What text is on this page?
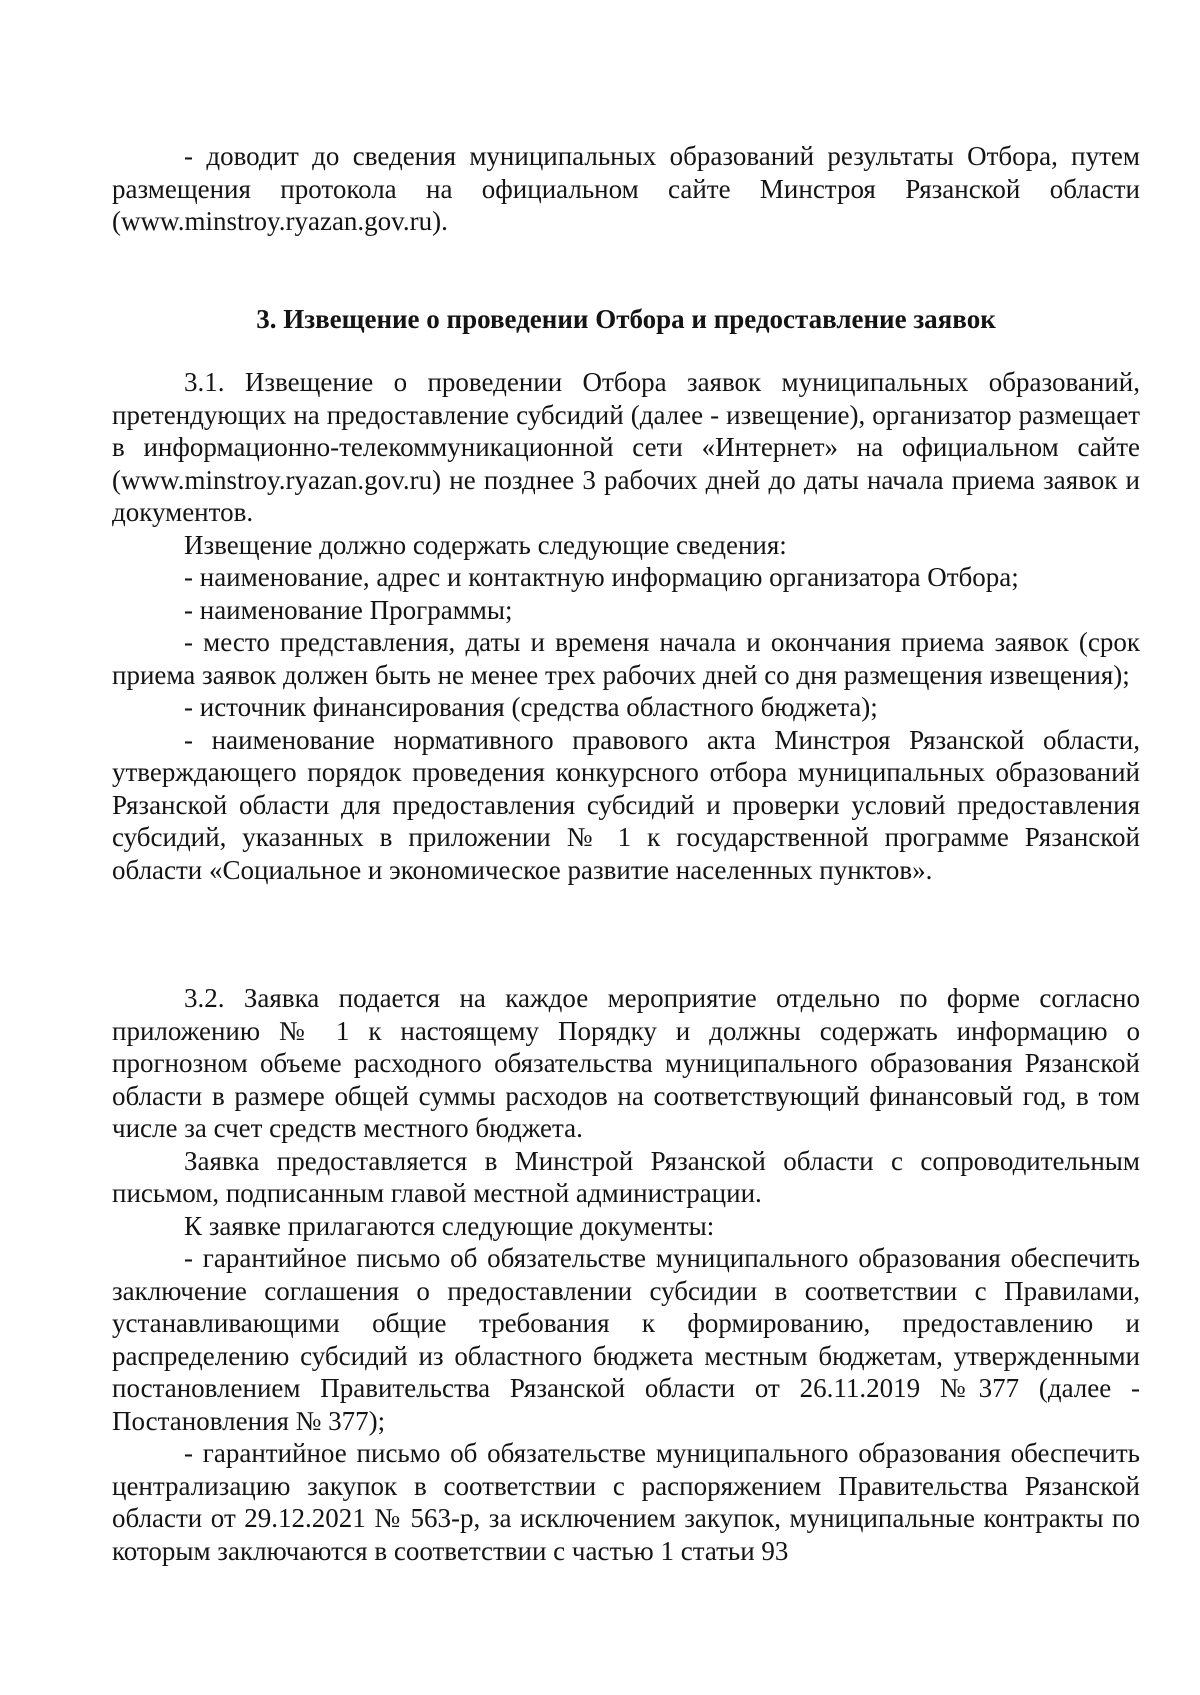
- доводит до сведения муниципальных образований результаты Отбора, путем размещения протокола на официальном сайте Минстроя Рязанской области (www.minstroy.ryazan.gov.ru).

3. Извещение о проведении Отбора и предоставление заявок

3.1. Извещение о проведении Отбора заявок муниципальных образований, претендующих на предоставление субсидий (далее - извещение), организатор размещает в информационно-телекоммуникационной сети «Интернет» на официальном сайте (www.minstroy.ryazan.gov.ru) не позднее 3 рабочих дней до даты начала приема заявок и документов.

Извещение должно содержать следующие сведения:

- наименование, адрес и контактную информацию организатора Отбора;

- наименование Программы;

- место представления, даты и временя начала и окончания приема заявок (срок приема заявок должен быть не менее трех рабочих дней со дня размещения извещения);

- источник финансирования (средства областного бюджета);

- наименование нормативного правового акта Минстроя Рязанской области, утверждающего порядок проведения конкурсного отбора муниципальных образований Рязанской области для предоставления субсидий и проверки условий предоставления субсидий, указанных в приложении № 1 к государственной программе Рязанской области «Социальное и экономическое развитие населенных пунктов».

3.2. Заявка подается на каждое мероприятие отдельно по форме согласно приложению № 1 к настоящему Порядку и должны содержать информацию о прогнозном объеме расходного обязательства муниципального образования Рязанской области в размере общей суммы расходов на соответствующий финансовый год, в том числе за счет средств местного бюджета.

Заявка предоставляется в Минстрой Рязанской области с сопроводительным письмом, подписанным главой местной администрации.

К заявке прилагаются следующие документы:

- гарантийное письмо об обязательстве муниципального образования обеспечить заключение соглашения о предоставлении субсидии в соответствии с Правилами, устанавливающими общие требования к формированию, предоставлению и распределению субсидий из областного бюджета местным бюджетам, утвержденными постановлением Правительства Рязанской области от 26.11.2019 №377 (далее - Постановления № 377);

- гарантийное письмо об обязательстве муниципального образования обеспечить централизацию закупок в соответствии с распоряжением Правительства Рязанской области от 29.12.2021 № 563-р, за исключением закупок, муниципальные контракты по которым заключаются в соответствии с частью 1 статьи 93
